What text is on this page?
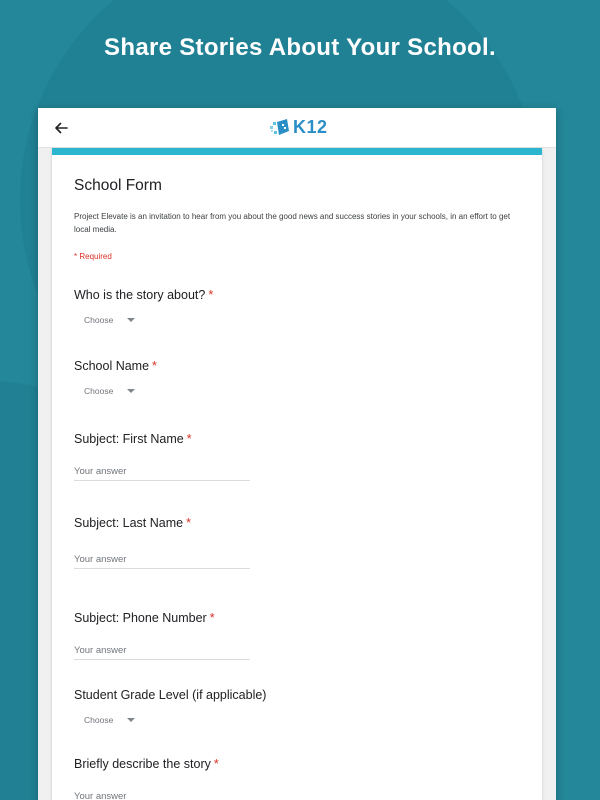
Share Stories About Your School.
K12
School Form
Project Elevate is an invitation to hear from you about the good news and success stories in your schools, in an effort to get local media.
* Required
Who is the story about? *
Choose
School Name *
Choose
Subject: First Name *
Your answer
Subject: Last Name *
Your answer
Subject: Phone Number *
Your answer
Student Grade Level (if applicable)
Choose
Briefly describe the story *
Your answer
